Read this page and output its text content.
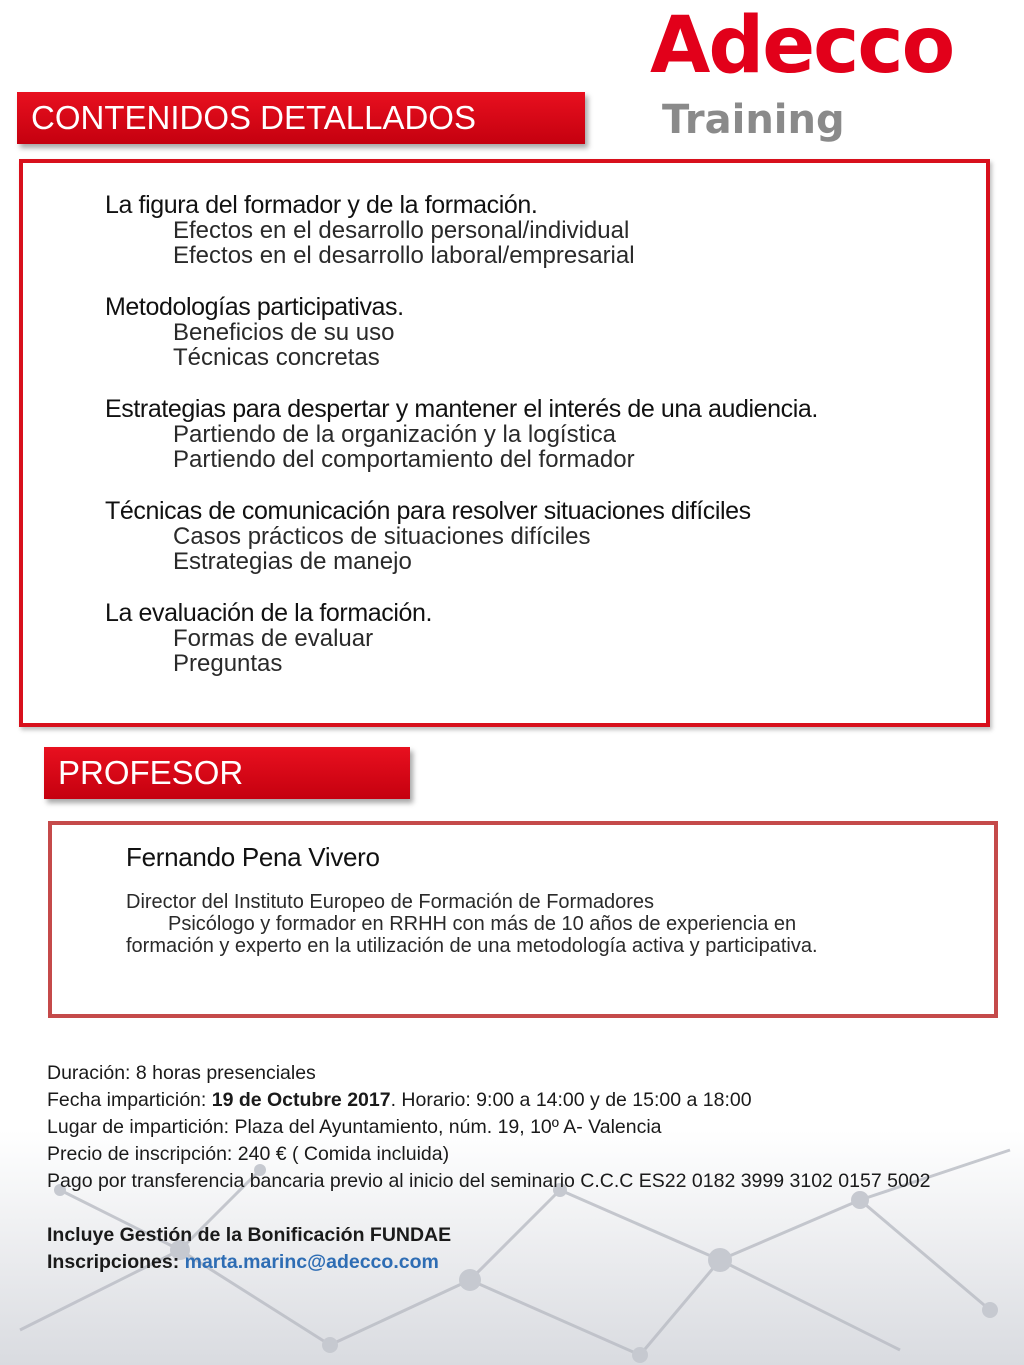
Adecco
Training
CONTENIDOS DETALLADOS
La figura del formador y de la formación.
Efectos en el desarrollo personal/individual
Efectos en el desarrollo laboral/empresarial
Metodologías participativas.
Beneficios de su uso
Técnicas concretas
Estrategias para despertar y mantener el interés de una audiencia.
Partiendo de la organización y la logística
Partiendo del comportamiento del formador
Técnicas de comunicación para resolver situaciones difíciles
Casos prácticos de situaciones difíciles
Estrategias de manejo
La evaluación de la formación.
Formas de evaluar
Preguntas
PROFESOR
Fernando Pena Vivero
Director del Instituto Europeo de Formación de Formadores
Psicólogo y formador en RRHH con más de 10 años de experiencia en
formación y experto en la utilización de una metodología activa y participativa.
Duración: 8 horas presenciales
Fecha impartición: 19 de Octubre 2017. Horario: 9:00 a 14:00 y de 15:00 a 18:00
Lugar de impartición: Plaza del Ayuntamiento, núm. 19, 10º A- Valencia
Precio de inscripción: 240 € ( Comida incluida)
Pago por transferencia bancaria previo al inicio del seminario C.C.C ES22 0182 3999 3102 0157 5002
Incluye Gestión de la Bonificación FUNDAE
Inscripciones: marta.marinc@adecco.com
